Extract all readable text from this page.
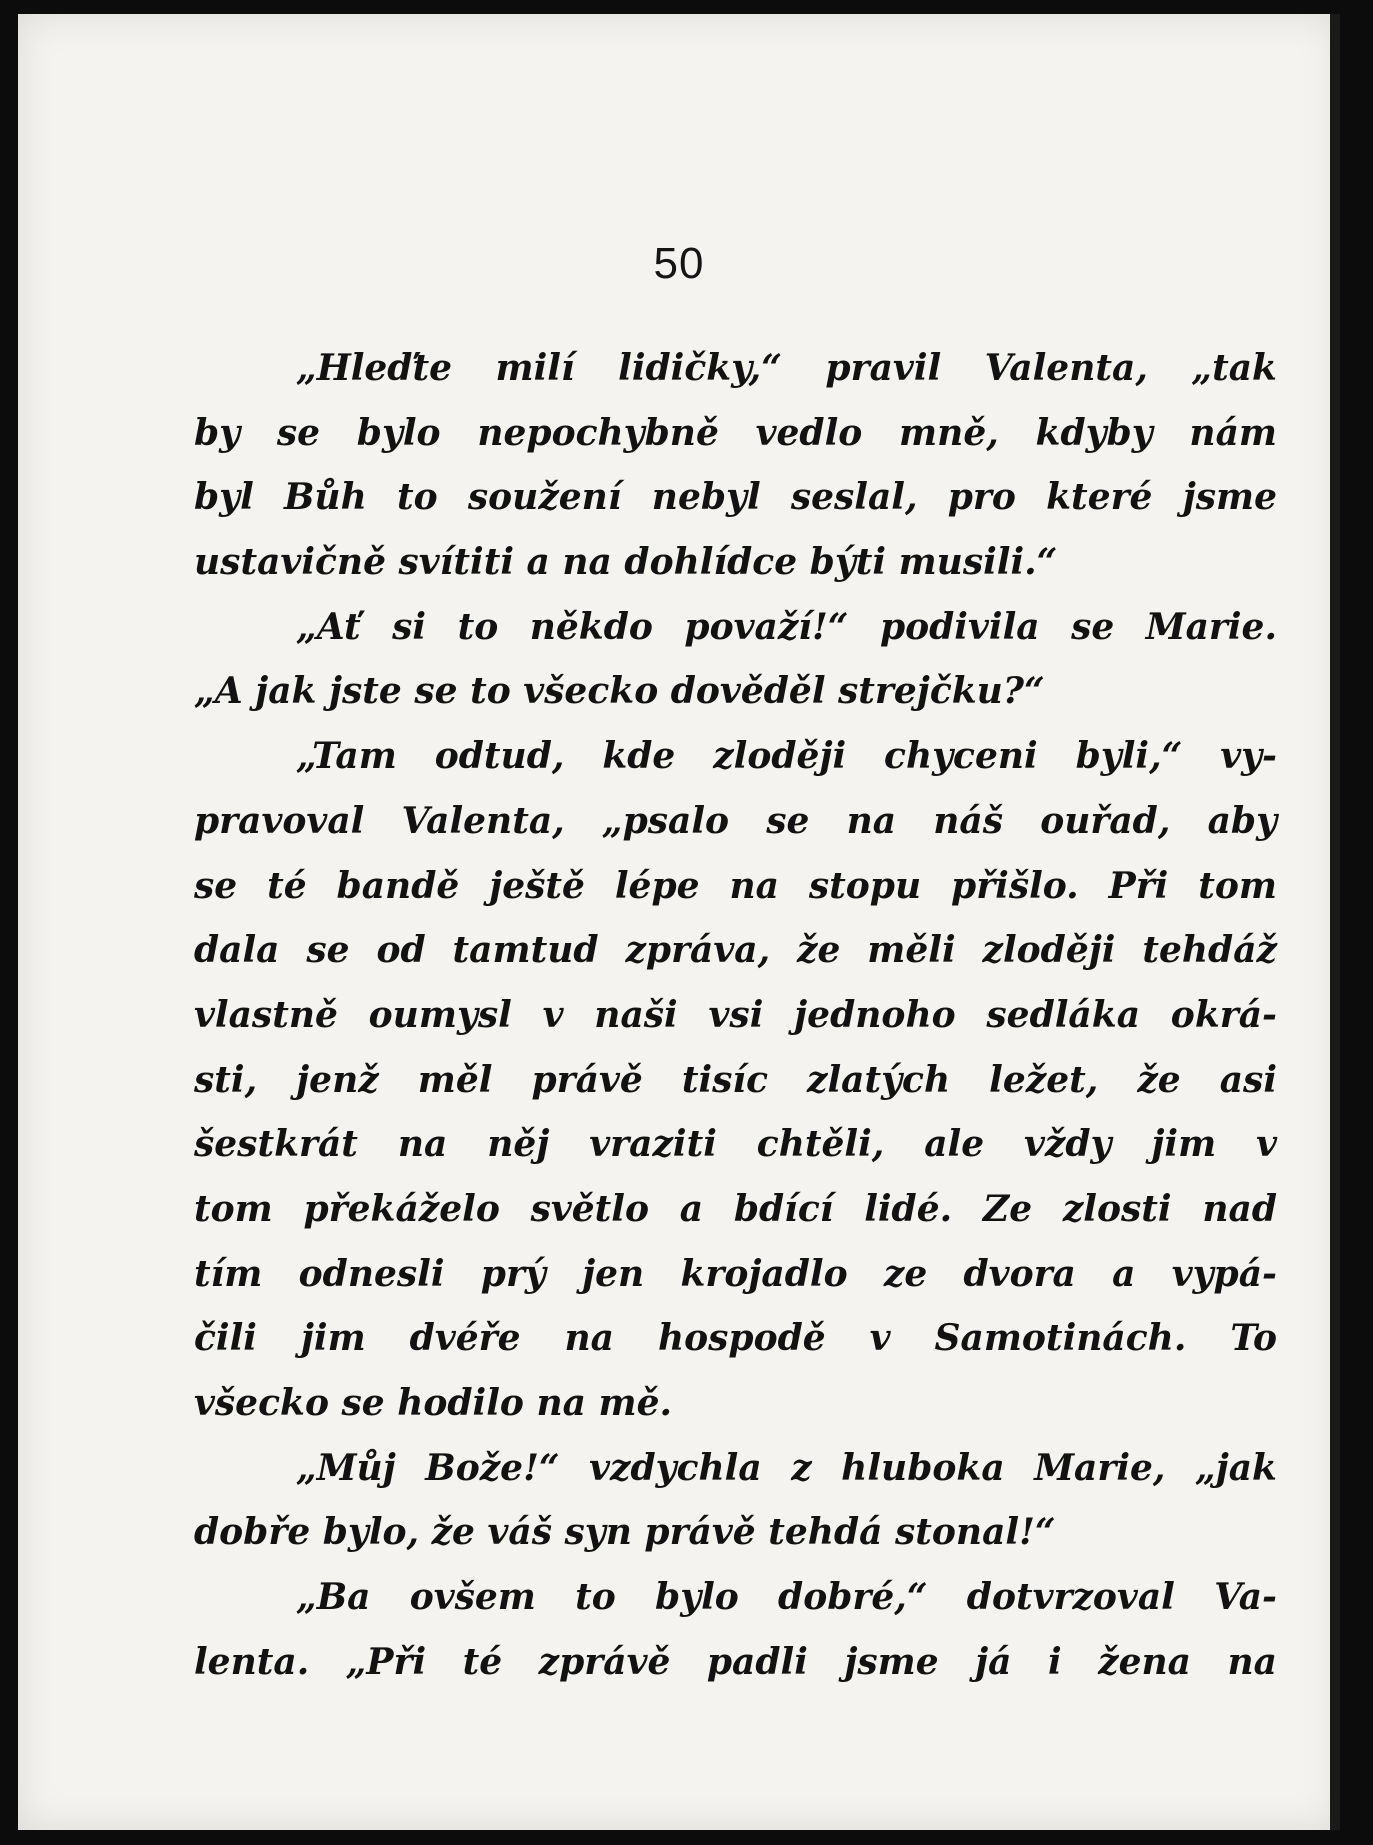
50
„Hleďte milí lidičky,“ pravil Valenta, „tak
by se bylo nepochybně vedlo mně, kdyby nám
byl Bůh to soužení nebyl seslal, pro které jsme
ustavičně svítiti a na dohlídce býti musili.“
„Ať si to někdo považí!“ podivila se Marie.
„A jak jste se to všecko dověděl strejčku?“
„Tam odtud, kde zloději chyceni byli,“ vy-
pravoval Valenta, „psalo se na náš ouřad, aby
se té bandě ještě lépe na stopu přišlo. Při tom
dala se od tamtud zpráva, že měli zloději tehdáž
vlastně oumysl v naši vsi jednoho sedláka okrá-
sti, jenž měl právě tisíc zlatých ležet, že asi
šestkrát na něj vraziti chtěli, ale vždy jim v
tom překáželo světlo a bdící lidé. Ze zlosti nad
tím odnesli prý jen krojadlo ze dvora a vypá-
čili jim dvéře na hospodě v Samotinách. To
všecko se hodilo na mě.
„Můj Bože!“ vzdychla z hluboka Marie, „jak
dobře bylo, že váš syn právě tehdá stonal!“
„Ba ovšem to bylo dobré,“ dotvrzoval Va-
lenta. „Při té zprávě padli jsme já i žena na
